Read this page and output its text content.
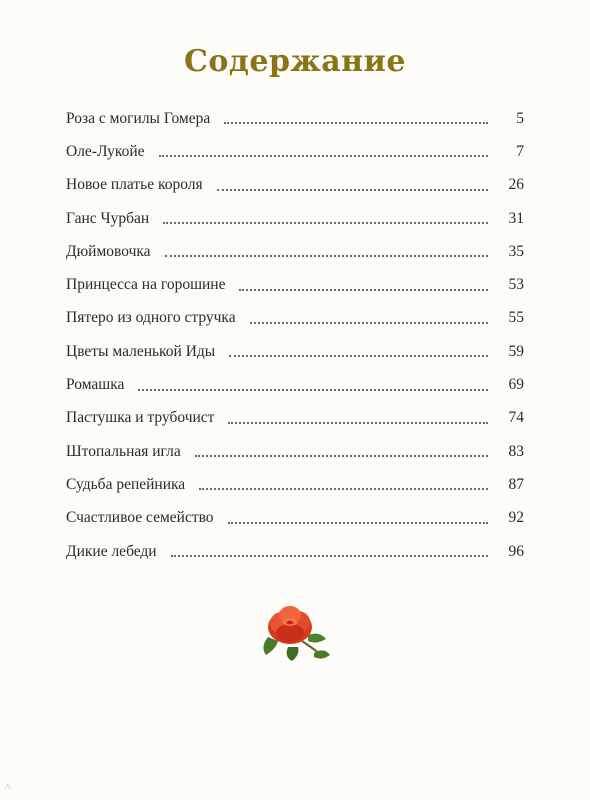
Содержание
Роза с могилы Гомера	5
Оле-Лукойе	7
Новое платье короля	26
Ганс Чурбан	31
Дюймовочка	35
Принцесса на горошине	53
Пятеро из одного стручка	55
Цветы маленькой Иды	59
Ромашка	69
Пастушка и трубочист	74
Штопальная игла	83
Судьба репейника	87
Счастливое семейство	92
Дикие лебеди	96
^
